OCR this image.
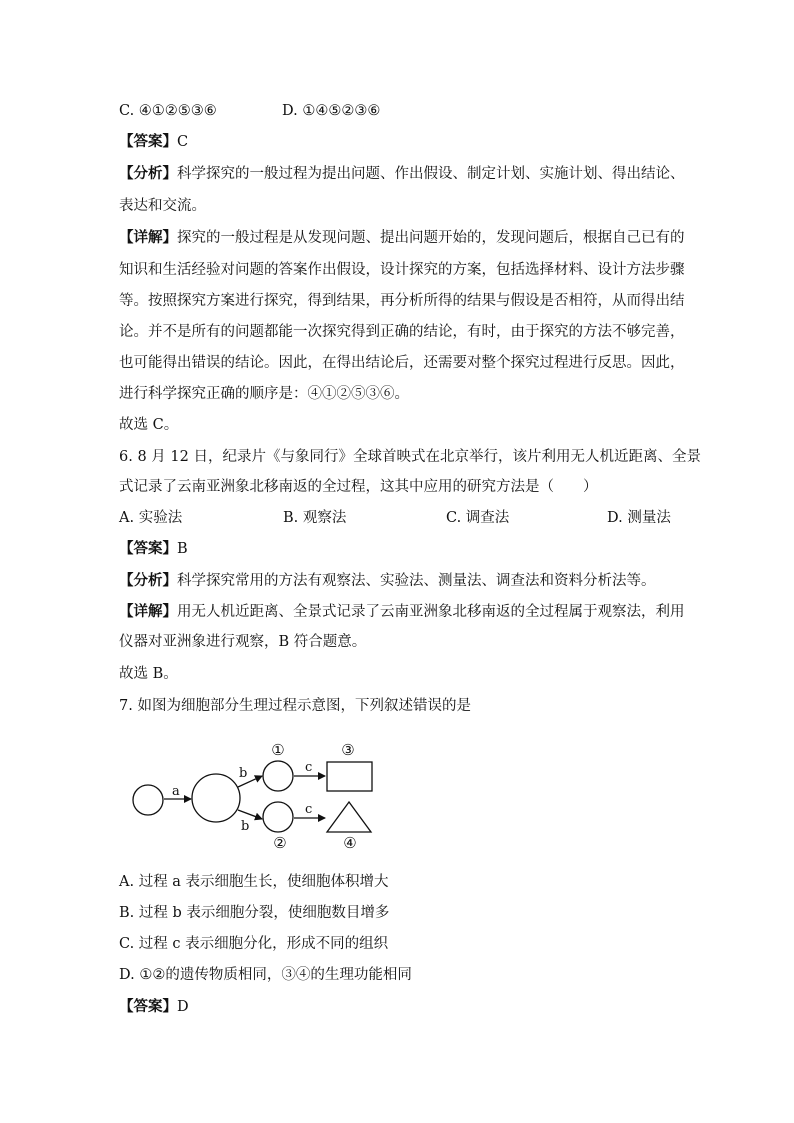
C. ④①②⑤③⑥	D. ①④⑤②③⑥
【答案】C
【分析】科学探究的一般过程为提出问题、作出假设、制定计划、实施计划、得出结论、
表达和交流。
【详解】探究的一般过程是从发现问题、提出问题开始的，发现问题后，根据自己已有的
知识和生活经验对问题的答案作出假设，设计探究的方案，包括选择材料、设计方法步骤
等。按照探究方案进行探究，得到结果，再分析所得的结果与假设是否相符，从而得出结
论。并不是所有的问题都能一次探究得到正确的结论，有时，由于探究的方法不够完善，
也可能得出错误的结论。因此，在得出结论后，还需要对整个探究过程进行反思。因此，
进行科学探究正确的顺序是：④①②⑤③⑥。
故选 C。
6. 8 月 12 日，纪录片《与象同行》全球首映式在北京举行，该片利用无人机近距离、全景
式记录了云南亚洲象北移南返的全过程，这其中应用的研究方法是（　　）
A. 实验法	B. 观察法	C. 调查法	D. 测量法
【答案】B
【分析】科学探究常用的方法有观察法、实验法、测量法、调查法和资料分析法等。
【详解】用无人机近距离、全景式记录了云南亚洲象北移南返的全过程属于观察法，利用
仪器对亚洲象进行观察，B 符合题意。
故选 B。
7. 如图为细胞部分生理过程示意图，下列叙述错误的是
a
b
b
c
c
①	③
②	④
A. 过程 a 表示细胞生长，使细胞体积增大
B. 过程 b 表示细胞分裂，使细胞数目增多
C. 过程 c 表示细胞分化，形成不同的组织
D. ①②的遗传物质相同，③④的生理功能相同
【答案】D
